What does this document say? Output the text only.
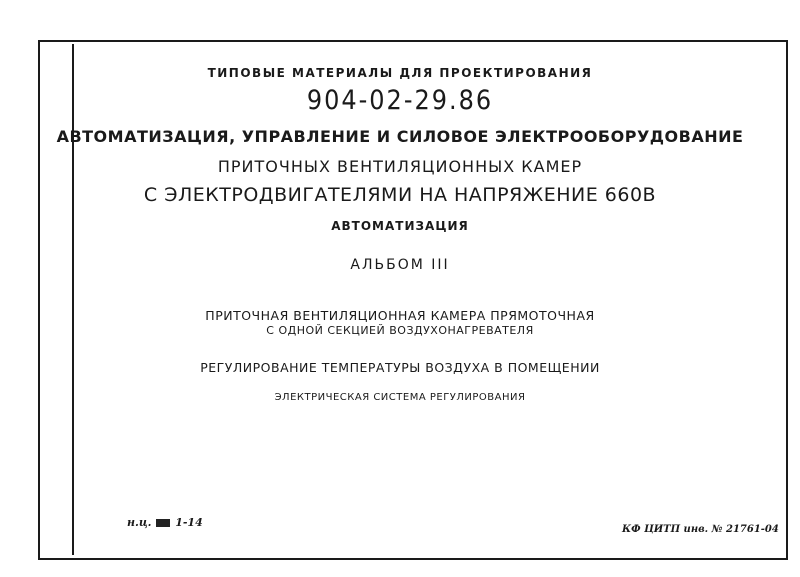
ТИПОВЫЕ МАТЕРИАЛЫ ДЛЯ ПРОЕКТИРОВАНИЯ
904-02-29.86
АВТОМАТИЗАЦИЯ, УПРАВЛЕНИЕ И СИЛОВОЕ ЭЛЕКТРООБОРУДОВАНИЕ
ПРИТОЧНЫХ ВЕНТИЛЯЦИОННЫХ КАМЕР
С ЭЛЕКТРОДВИГАТЕЛЯМИ НА НАПРЯЖЕНИЕ 660В
АВТОМАТИЗАЦИЯ
АЛЬБОМ III
ПРИТОЧНАЯ ВЕНТИЛЯЦИОННАЯ КАМЕРА ПРЯМОТОЧНАЯ
С ОДНОЙ СЕКЦИЕЙ ВОЗДУХОНАГРЕВАТЕЛЯ
РЕГУЛИРОВАНИЕ ТЕМПЕРАТУРЫ ВОЗДУХА В ПОМЕЩЕНИИ
ЭЛЕКТРИЧЕСКАЯ СИСТЕМА РЕГУЛИРОВАНИЯ
н.ц. 1-14
КФ ЦИТП инв. № 21761-04
